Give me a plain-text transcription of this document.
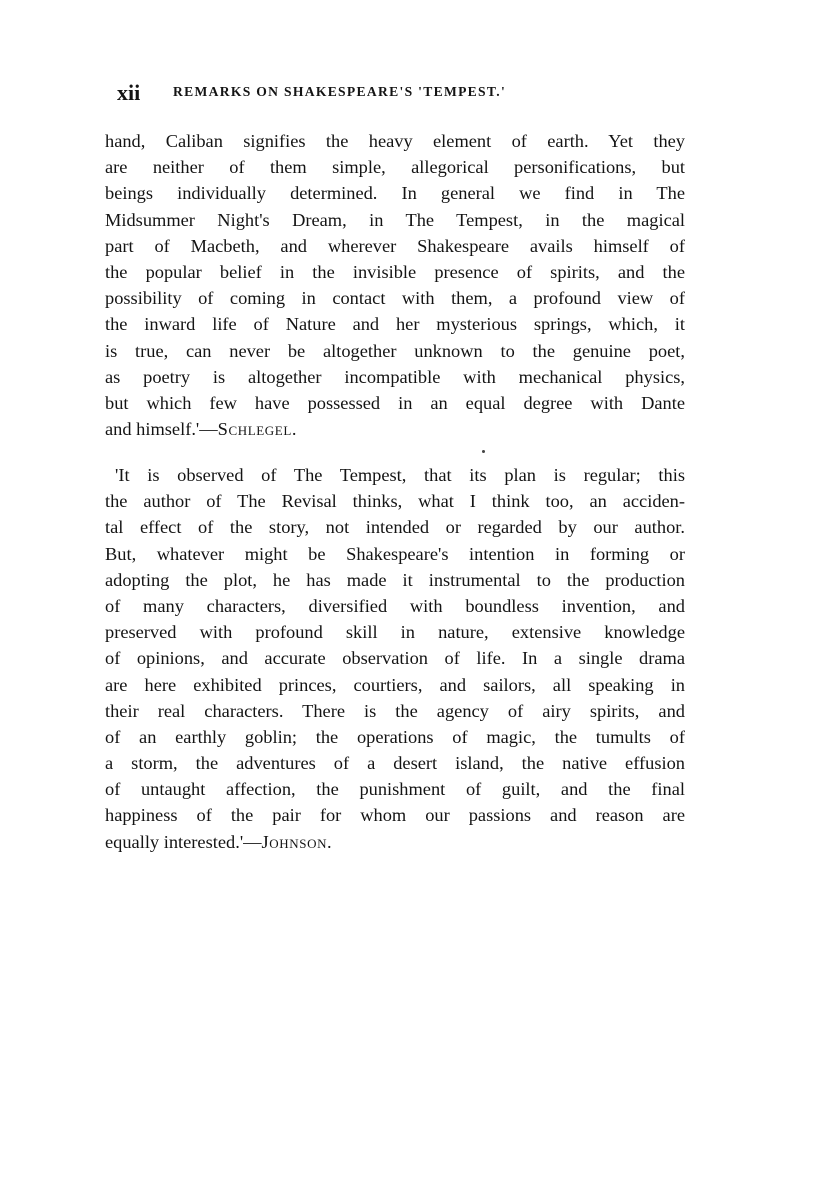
xii REMARKS ON SHAKESPEARE'S 'TEMPEST.'
hand, Caliban signifies the heavy element of earth. Yet they
are neither of them simple, allegorical personifications, but
beings individually determined. In general we find in The
Midsummer Night's Dream, in The Tempest, in the magical
part of Macbeth, and wherever Shakespeare avails himself of
the popular belief in the invisible presence of spirits, and the
possibility of coming in contact with them, a profound view of
the inward life of Nature and her mysterious springs, which, it
is true, can never be altogether unknown to the genuine poet,
as poetry is altogether incompatible with mechanical physics,
but which few have possessed in an equal degree with Dante
and himself.'—Schlegel.
'It is observed of The Tempest, that its plan is regular; this
the author of The Revisal thinks, what I think too, an acciden-
tal effect of the story, not intended or regarded by our author.
But, whatever might be Shakespeare's intention in forming or
adopting the plot, he has made it instrumental to the production
of many characters, diversified with boundless invention, and
preserved with profound skill in nature, extensive knowledge
of opinions, and accurate observation of life. In a single drama
are here exhibited princes, courtiers, and sailors, all speaking in
their real characters. There is the agency of airy spirits, and
of an earthly goblin; the operations of magic, the tumults of
a storm, the adventures of a desert island, the native effusion
of untaught affection, the punishment of guilt, and the final
happiness of the pair for whom our passions and reason are
equally interested.'—Johnson.
